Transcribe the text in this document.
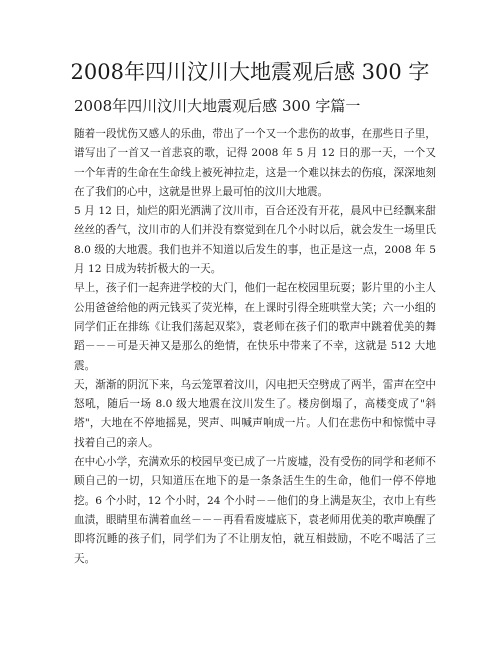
2008年四川汶川大地震观后感 300 字
2008年四川汶川大地震观后感 300 字篇一

随着一段忧伤又感人的乐曲，带出了一个又一个悲伤的故事，在那些日子里，谱写出了一首又一首悲哀的歌，记得 2008 年 5 月 12 日的那一天，一个又一个年青的生命在生命线上被死神拉走，这是一个难以抹去的伤痕，深深地刻在了我们的心中，这就是世界上最可怕的汶川大地震。

5 月 12 日，灿烂的阳光洒满了汶川市，百合还没有开花，晨风中已经飘来甜丝丝的香气，汶川市的人们并没有察觉到在几个小时以后，就会发生一场里氏 8.0 级的大地震。我们也并不知道以后发生的事，也正是这一点，2008 年 5 月 12 日成为转折极大的一天。

早上，孩子们一起奔进学校的大门，他们一起在校园里玩耍；影片里的小主人公用爸爸给他的两元钱买了荧光棒，在上课时引得全班哄堂大笑；六一小组的同学们正在排练《让我们荡起双桨》，袁老师在孩子们的歌声中跳着优美的舞蹈－－－可是天神又是那么的绝情，在快乐中带来了不幸，这就是 512 大地震。

天，渐渐的阴沉下来，乌云笼罩着汶川，闪电把天空劈成了两半，雷声在空中怒吼，随后一场 8.0 级大地震在汶川发生了。楼房倒塌了，高楼变成了"斜塔"，大地在不停地摇晃，哭声、叫喊声响成一片。人们在悲伤中和惊慌中寻找着自己的亲人。

在中心小学，充满欢乐的校园早变已成了一片废墟，没有受伤的同学和老师不顾自己的一切，只知道压在地下的是一条条活生生的生命，他们一停不停地挖。6 个小时，12 个小时，24 个小时－－他们的身上满是灰尘，衣巾上有些血渍，眼睛里布满着血丝－－－再看看废墟底下，袁老师用优美的歌声唤醒了即将沉睡的孩子们，同学们为了不让朋友怕，就互相鼓励，不吃不喝活了三天。
